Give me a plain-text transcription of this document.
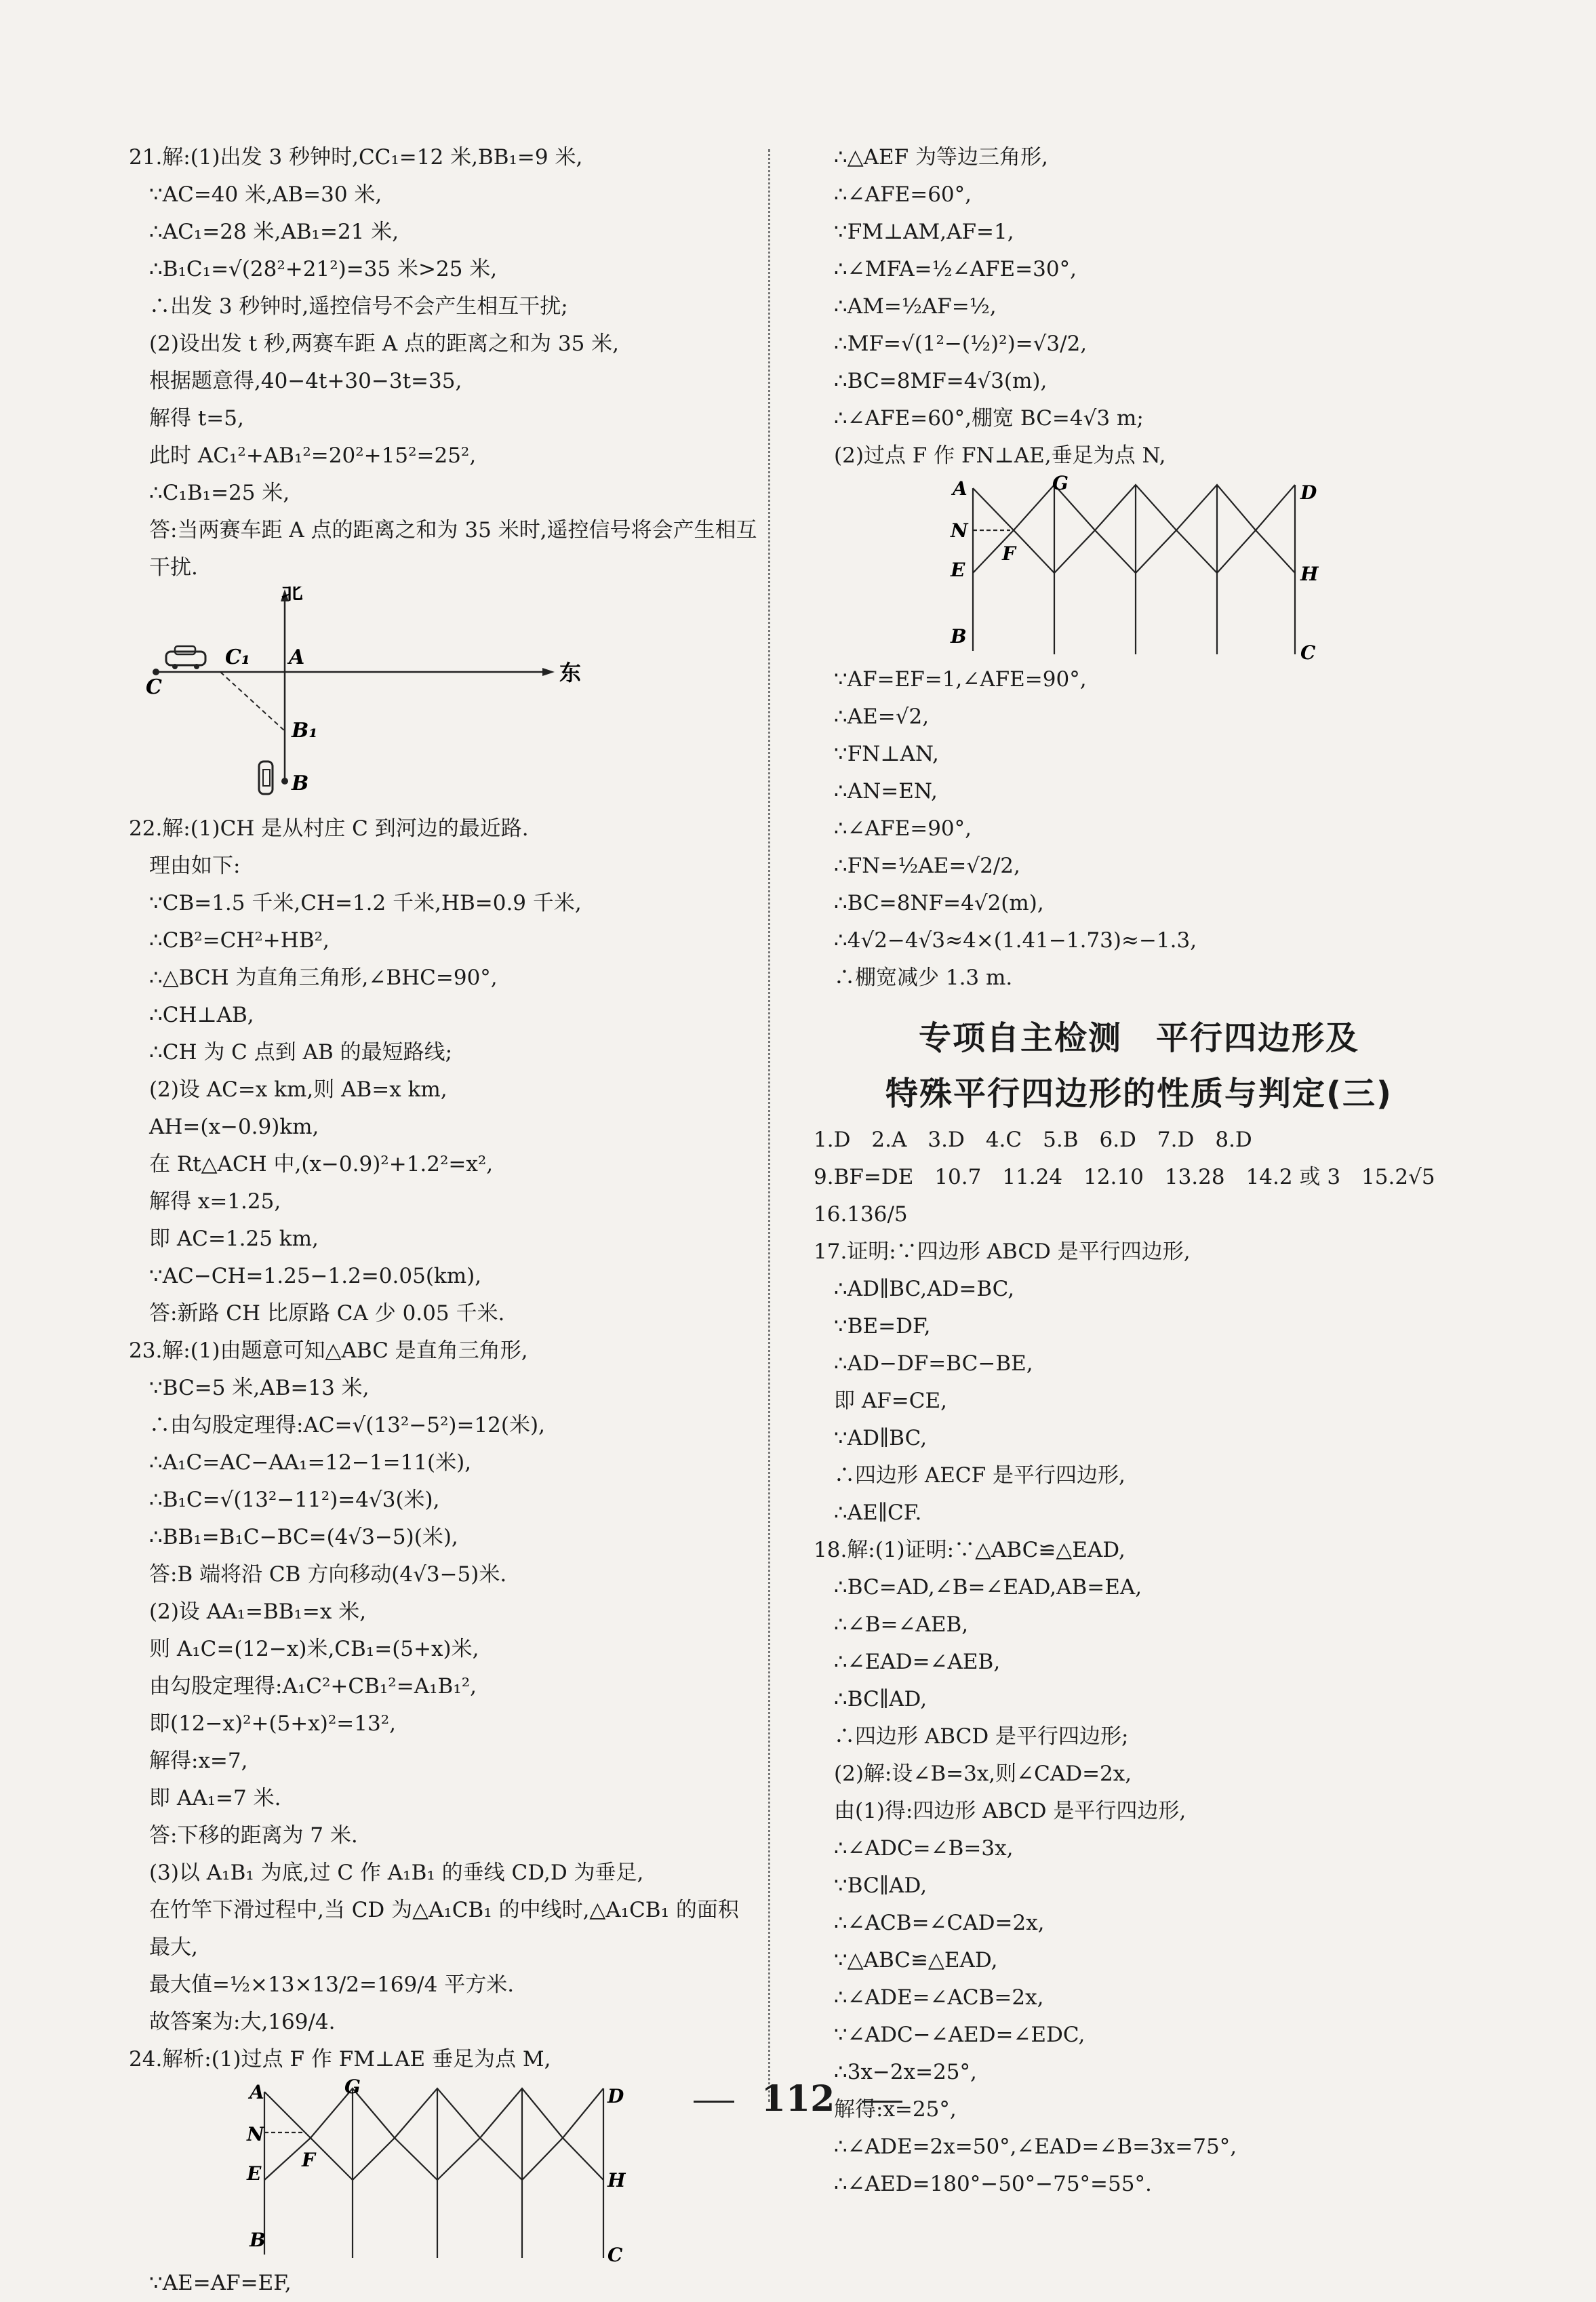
21.解:(1)出发 3 秒钟时,CC₁=12 米,BB₁=9 米,
∵AC=40 米,AB=30 米,
∴AC₁=28 米,AB₁=21 米,
∴B₁C₁=√(28²+21²)=35 米>25 米,
∴出发 3 秒钟时,遥控信号不会产生相互干扰;
(2)设出发 t 秒,两赛车距 A 点的距离之和为 35 米,
根据题意得,40−4t+30−3t=35,
解得 t=5,
此时 AC₁²+AB₁²=20²+15²=25²,
∴C₁B₁=25 米,
答:当两赛车距 A 点的距离之和为 35 米时,遥控信号将会产生相互
干扰.
北
东
C
C₁ A
B₁
B
22.解:(1)CH 是从村庄 C 到河边的最近路.
理由如下:
∵CB=1.5 千米,CH=1.2 千米,HB=0.9 千米,
∴CB²=CH²+HB²,
∴△BCH 为直角三角形,∠BHC=90°,
∴CH⊥AB,
∴CH 为 C 点到 AB 的最短路线;
(2)设 AC=x km,则 AB=x km,
AH=(x−0.9)km,
在 Rt△ACH 中,(x−0.9)²+1.2²=x²,
解得 x=1.25,
即 AC=1.25 km,
∵AC−CH=1.25−1.2=0.05(km),
答:新路 CH 比原路 CA 少 0.05 千米.
23.解:(1)由题意可知△ABC 是直角三角形,
∵BC=5 米,AB=13 米,
∴由勾股定理得:AC=√(13²−5²)=12(米),
∴A₁C=AC−AA₁=12−1=11(米),
∴B₁C=√(13²−11²)=4√3(米),
∴BB₁=B₁C−BC=(4√3−5)(米),
答:B 端将沿 CB 方向移动(4√3−5)米.
(2)设 AA₁=BB₁=x 米,
则 A₁C=(12−x)米,CB₁=(5+x)米,
由勾股定理得:A₁C²+CB₁²=A₁B₁²,
即(12−x)²+(5+x)²=13²,
解得:x=7,
即 AA₁=7 米.
答:下移的距离为 7 米.
(3)以 A₁B₁ 为底,过 C 作 A₁B₁ 的垂线 CD,D 为垂足,
在竹竿下滑过程中,当 CD 为△A₁CB₁ 的中线时,△A₁CB₁ 的面积
最大,
最大值=½×13×13/2=169/4 平方米.
故答案为:大,169/4.
24.解析:(1)过点 F 作 FM⊥AE 垂足为点 M,
A	G
N
E
F
B
D
H
C
∵AE=AF=EF,
∴△AEF 为等边三角形,
∴∠AFE=60°,
∵FM⊥AM,AF=1,
∴∠MFA=½∠AFE=30°,
∴AM=½AF=½,
∴MF=√(1²−(½)²)=√3/2,
∴BC=8MF=4√3(m),
∴∠AFE=60°,棚宽 BC=4√3 m;
(2)过点 F 作 FN⊥AE,垂足为点 N,
A	G
N
E
F
B
D
H
C
∵AF=EF=1,∠AFE=90°,
∴AE=√2,
∵FN⊥AN,
∴AN=EN,
∴∠AFE=90°,
∴FN=½AE=√2/2,
∴BC=8NF=4√2(m),
∴4√2−4√3≈4×(1.41−1.73)≈−1.3,
∴棚宽减少 1.3 m.
专项自主检测　平行四边形及
特殊平行四边形的性质与判定(三)
1.D　2.A　3.D　4.C　5.B　6.D　7.D　8.D
9.BF=DE　10.7　11.24　12.10　13.28　14.2 或 3　15.2√5
16.136/5
17.证明:∵四边形 ABCD 是平行四边形,
∴AD∥BC,AD=BC,
∵BE=DF,
∴AD−DF=BC−BE,
即 AF=CE,
∵AD∥BC,
∴四边形 AECF 是平行四边形,
∴AE∥CF.
18.解:(1)证明:∵△ABC≌△EAD,
∴BC=AD,∠B=∠EAD,AB=EA,
∴∠B=∠AEB,
∴∠EAD=∠AEB,
∴BC∥AD,
∴四边形 ABCD 是平行四边形;
(2)解:设∠B=3x,则∠CAD=2x,
由(1)得:四边形 ABCD 是平行四边形,
∴∠ADC=∠B=3x,
∵BC∥AD,
∴∠ACB=∠CAD=2x,
∵△ABC≌△EAD,
∴∠ADE=∠ACB=2x,
∵∠ADC−∠AED=∠EDC,
∴3x−2x=25°,
解得:x=25°,
∴∠ADE=2x=50°,∠EAD=∠B=3x=75°,
∴∠AED=180°−50°−75°=55°.
112
